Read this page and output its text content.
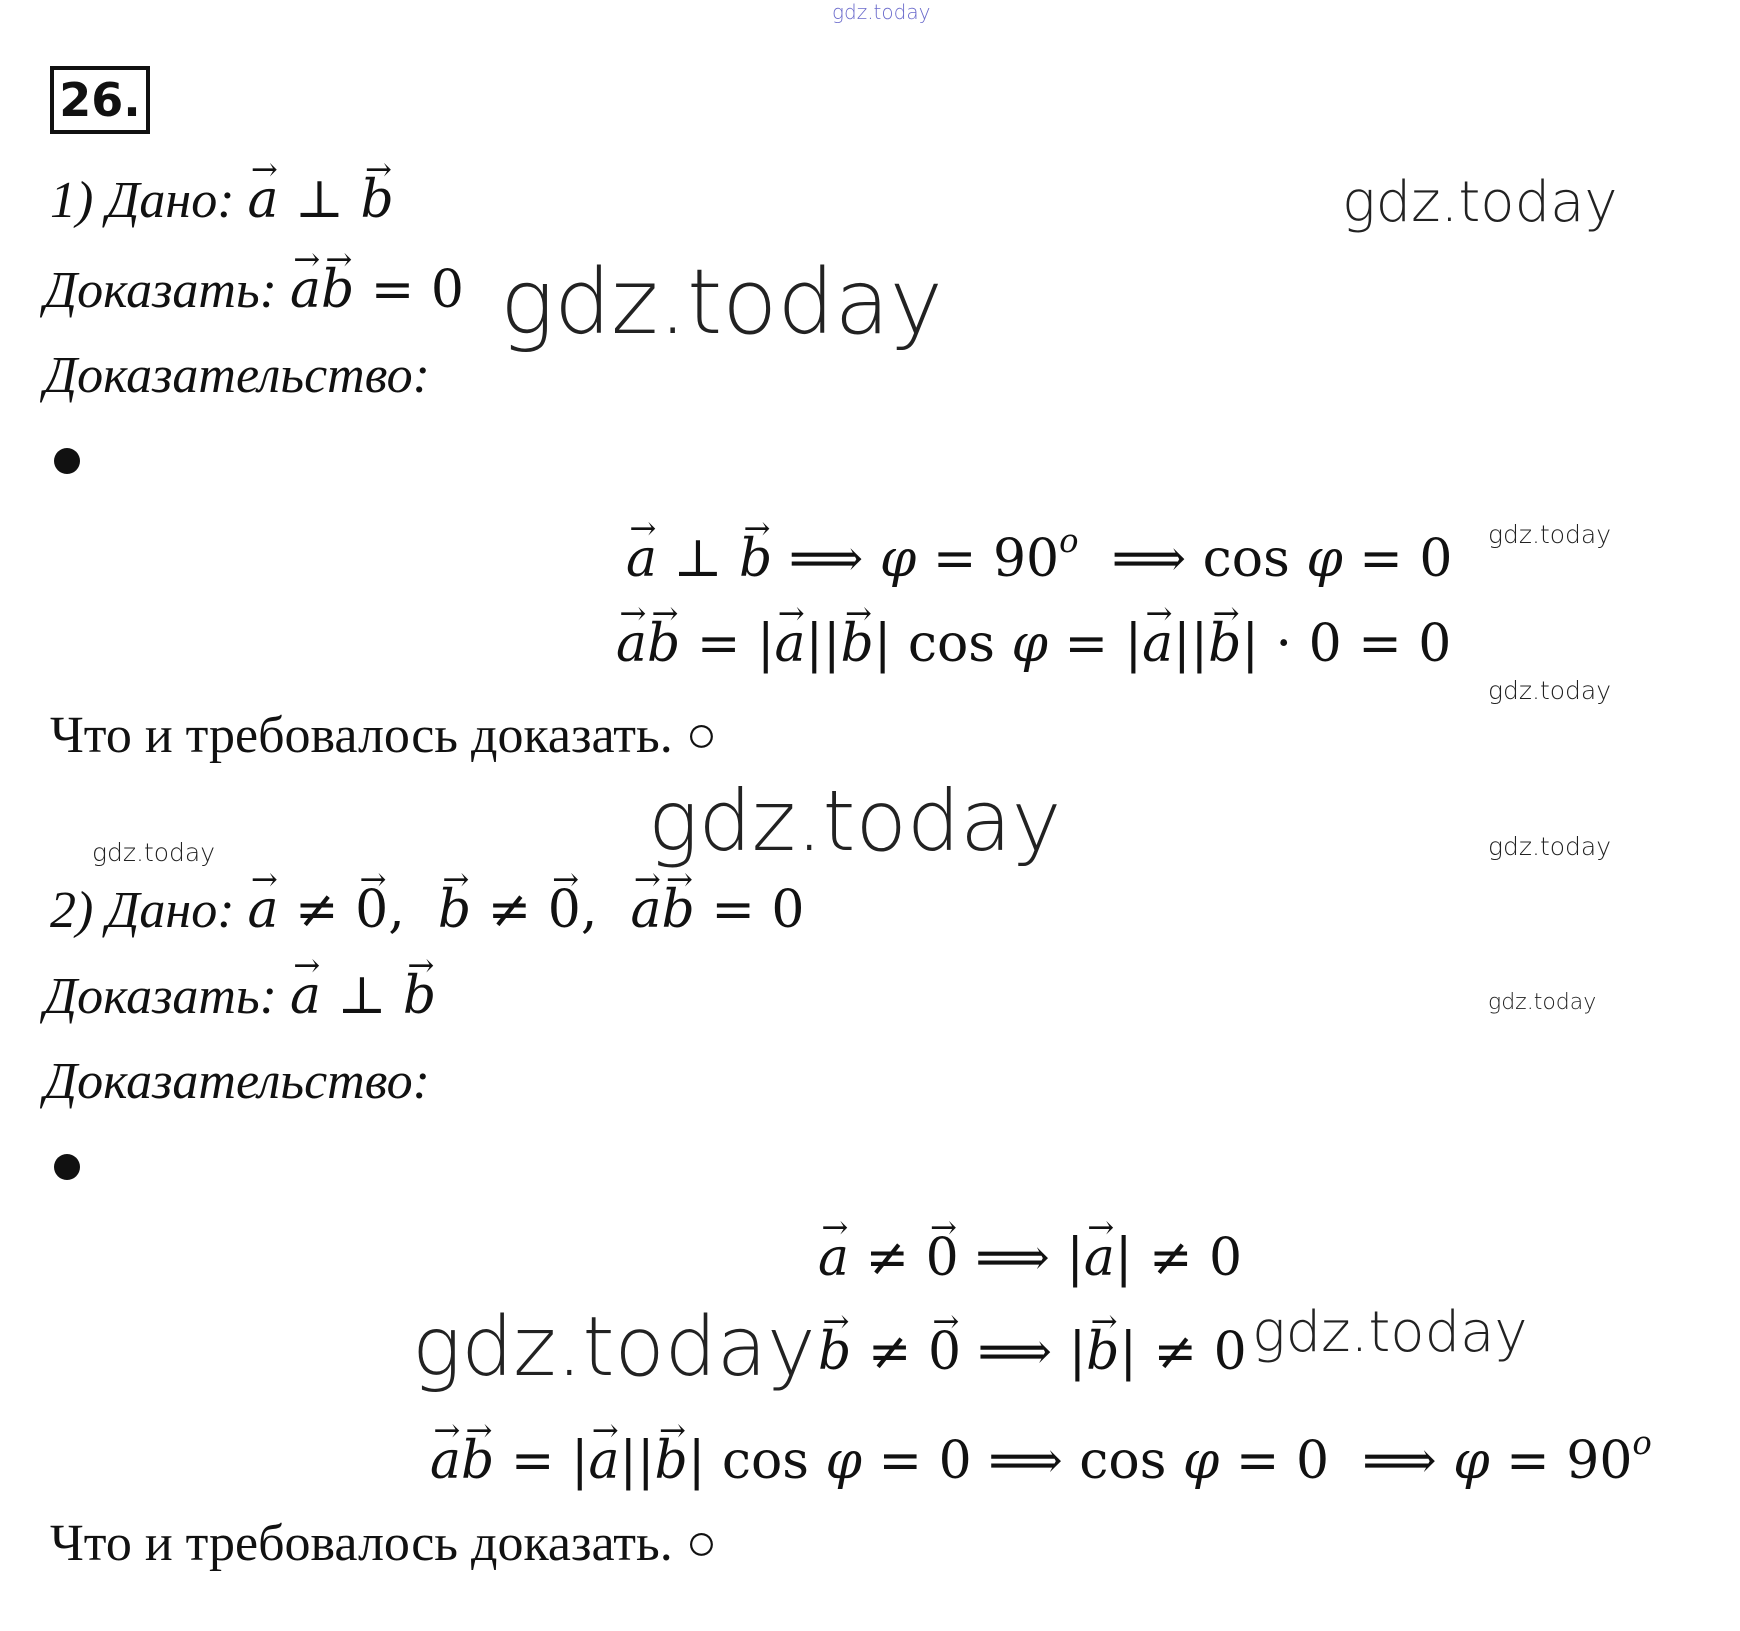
gdz.today
gdz.today
gdz.today
gdz.today
gdz.today
gdz.today
gdz.today	gdz.today
gdz.today
gdz.today	gdz.today
26.
1) Дано: → a ⊥ → b
Доказать: → a→ b = 0
Доказательство:
→ a ⊥ → b ⟹ $\varphi = 90^o$  ⟹ cos φ = 0
→ a→ b = |→ a||→ b| cos φ = |→ a||→ b| · 0 = 0
Что и требовалось доказать. ○
2) Дано: → a ≠ → 0,  → b ≠ → 0,  → a→ b = 0
Доказать: → a ⊥ → b
Доказательство:
→ a ≠ → 0 ⟹ |→ a| ≠ 0
→ b ≠ → 0 ⟹ |→ b| ≠ 0
→ a→ b = |→ a||→ b| cos φ = 0 ⟹ cos φ = 0  ⟹ $\varphi = 90^o$
Что и требовалось доказать. ○
